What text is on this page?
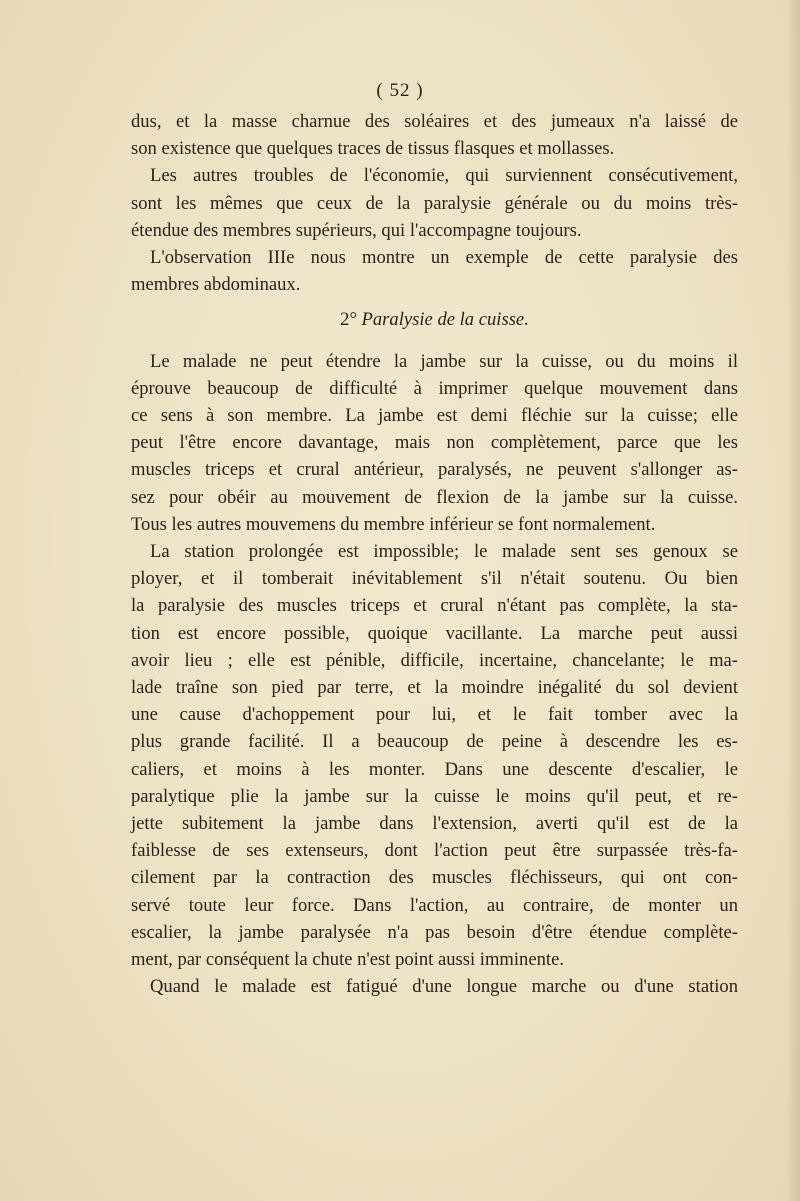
( 52 )
dus, et la masse charnue des soléaires et des jumeaux n'a laissé de
son existence que quelques traces de tissus flasques et mollasses.
Les autres troubles de l'économie, qui surviennent consécutivement,
sont les mêmes que ceux de la paralysie générale ou du moins très-
étendue des membres supérieurs, qui l'accompagne toujours.
L'observation IIIe nous montre un exemple de cette paralysie des
membres abdominaux.
2° Paralysie de la cuisse.
Le malade ne peut étendre la jambe sur la cuisse, ou du moins il
éprouve beaucoup de difficulté à imprimer quelque mouvement dans
ce sens à son membre. La jambe est demi fléchie sur la cuisse; elle
peut l'être encore davantage, mais non complètement, parce que les
muscles triceps et crural antérieur, paralysés, ne peuvent s'allonger as-
sez pour obéir au mouvement de flexion de la jambe sur la cuisse.
Tous les autres mouvemens du membre inférieur se font normalement.
La station prolongée est impossible; le malade sent ses genoux se
ployer, et il tomberait inévitablement s'il n'était soutenu. Ou bien
la paralysie des muscles triceps et crural n'étant pas complète, la sta-
tion est encore possible, quoique vacillante. La marche peut aussi
avoir lieu ; elle est pénible, difficile, incertaine, chancelante; le ma-
lade traîne son pied par terre, et la moindre inégalité du sol devient
une cause d'achoppement pour lui, et le fait tomber avec la
plus grande facilité. Il a beaucoup de peine à descendre les es-
caliers, et moins à les monter. Dans une descente d'escalier, le
paralytique plie la jambe sur la cuisse le moins qu'il peut, et re-
jette subitement la jambe dans l'extension, averti qu'il est de la
faiblesse de ses extenseurs, dont l'action peut être surpassée très-fa-
cilement par la contraction des muscles fléchisseurs, qui ont con-
servé toute leur force. Dans l'action, au contraire, de monter un
escalier, la jambe paralysée n'a pas besoin d'être étendue complète-
ment, par conséquent la chute n'est point aussi imminente.
Quand le malade est fatigué d'une longue marche ou d'une station
